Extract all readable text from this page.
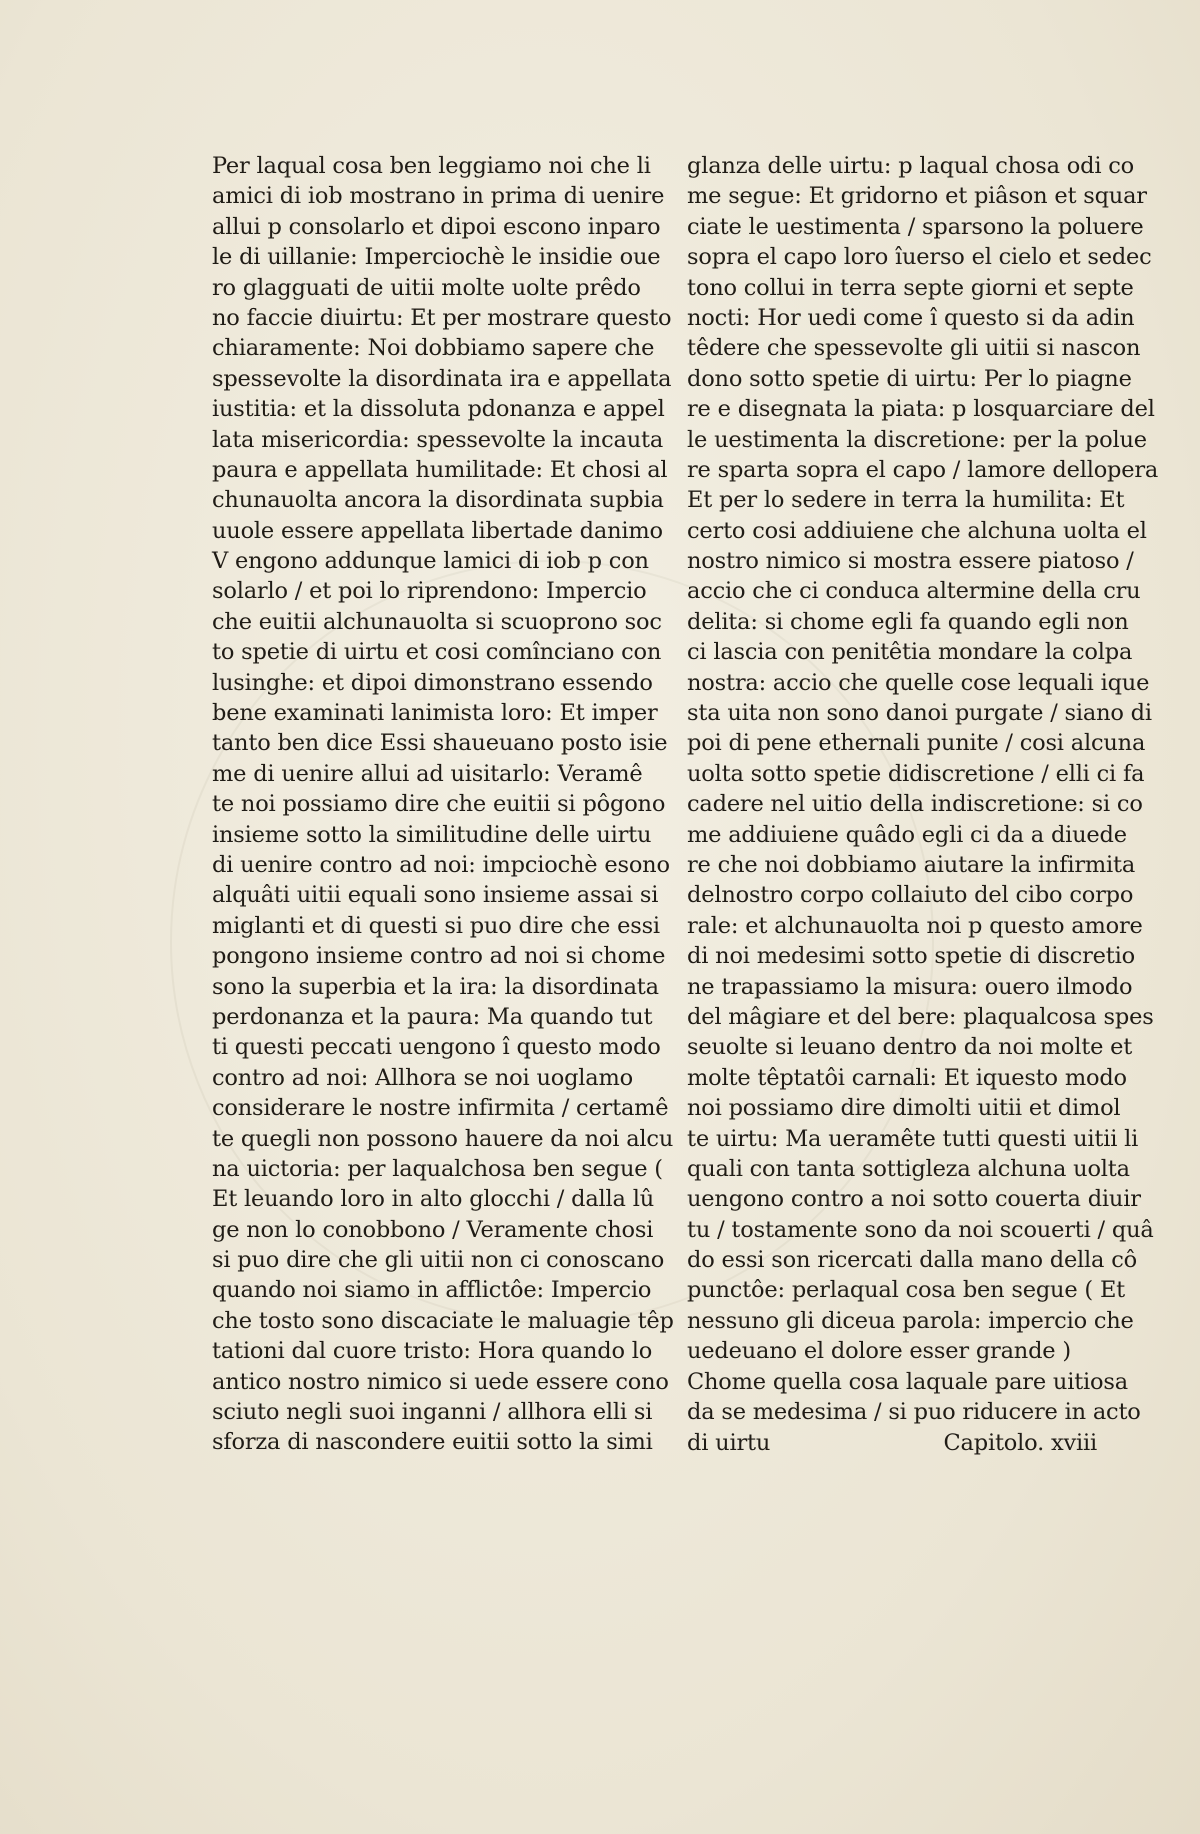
Per laqual cosa ben leggiamo noi che li
amici di iob mostrano in prima di uenire
allui p consolarlo et dipoi escono inparo
le di uillanie: Imperciochè le insidie oue
ro glagguati de uitii molte uolte prêdo
no faccie diuirtu: Et per mostrare questo
chiaramente: Noi dobbiamo sapere che
spessevolte la disordinata ira e appellata
iustitia: et la dissoluta pdonanza e appel
lata misericordia: spessevolte la incauta
paura e appellata humilitade: Et chosi al
chunauolta ancora la disordinata supbia
uuole essere appellata libertade danimo
V engono addunque lamici di iob p con
solarlo / et poi lo riprendono: Impercio
che euitii alchunauolta si scuoprono soc
to spetie di uirtu et cosi comînciano con
lusinghe: et dipoi dimonstrano essendo
bene examinati lanimista loro: Et imper
tanto ben dice Essi shaueuano posto isie
me di uenire allui ad uisitarlo: Veramê
te noi possiamo dire che euitii si pôgono
insieme sotto la similitudine delle uirtu
di uenire contro ad noi: impciochè esono
alquâti uitii equali sono insieme assai si
miglanti et di questi si puo dire che essi
pongono insieme contro ad noi si chome
sono la superbia et la ira: la disordinata
perdonanza et la paura: Ma quando tut
ti questi peccati uengono î questo modo
contro ad noi: Allhora se noi uoglamo
considerare le nostre infirmita / certamê
te quegli non possono hauere da noi alcu
na uictoria: per laqualchosa ben segue (
Et leuando loro in alto glocchi / dalla lû
ge non lo conobbono / Veramente chosi
si puo dire che gli uitii non ci conoscano
quando noi siamo in afflictôe: Impercio
che tosto sono discaciate le maluagie têp
tationi dal cuore tristo: Hora quando lo
antico nostro nimico si uede essere cono
sciuto negli suoi inganni / allhora elli si
sforza di nascondere euitii sotto la simi
glanza delle uirtu: p laqual chosa odi co
me segue: Et gridorno et piâson et squar
ciate le uestimenta / sparsono la poluere
sopra el capo loro îuerso el cielo et sedec
tono collui in terra septe giorni et septe
nocti: Hor uedi come î questo si da adin
têdere che spessevolte gli uitii si nascon
dono sotto spetie di uirtu: Per lo piagne
re e disegnata la piata: p losquarciare del
le uestimenta la discretione: per la polue
re sparta sopra el capo / lamore dellopera
Et per lo sedere in terra la humilita: Et
certo cosi addiuiene che alchuna uolta el
nostro nimico si mostra essere piatoso /
accio che ci conduca altermine della cru
delita: si chome egli fa quando egli non
ci lascia con penitêtia mondare la colpa
nostra: accio che quelle cose lequali ique
sta uita non sono danoi purgate / siano di
poi di pene ethernali punite / cosi alcuna
uolta sotto spetie didiscretione / elli ci fa
cadere nel uitio della indiscretione: si co
me addiuiene quâdo egli ci da a diuede
re che noi dobbiamo aiutare la infirmita
delnostro corpo collaiuto del cibo corpo
rale: et alchunauolta noi p questo amore
di noi medesimi sotto spetie di discretio
ne trapassiamo la misura: ouero ilmodo
del mâgiare et del bere: plaqualcosa spes
seuolte si leuano dentro da noi molte et
molte têptatôi carnali: Et iquesto modo
noi possiamo dire dimolti uitii et dimol
te uirtu: Ma ueramête tutti questi uitii li
quali con tanta sottigleza alchuna uolta
uengono contro a noi sotto couerta diuir
tu / tostamente sono da noi scouerti / quâ
do essi son ricercati dalla mano della cô
punctôe: perlaqual cosa ben segue ( Et
nessuno gli diceua parola: impercio che
uedeuano el dolore esser grande )
Chome quella cosa laquale pare uitiosa
da se medesima / si puo riducere in acto
di uirtu	Capitolo. xviii
